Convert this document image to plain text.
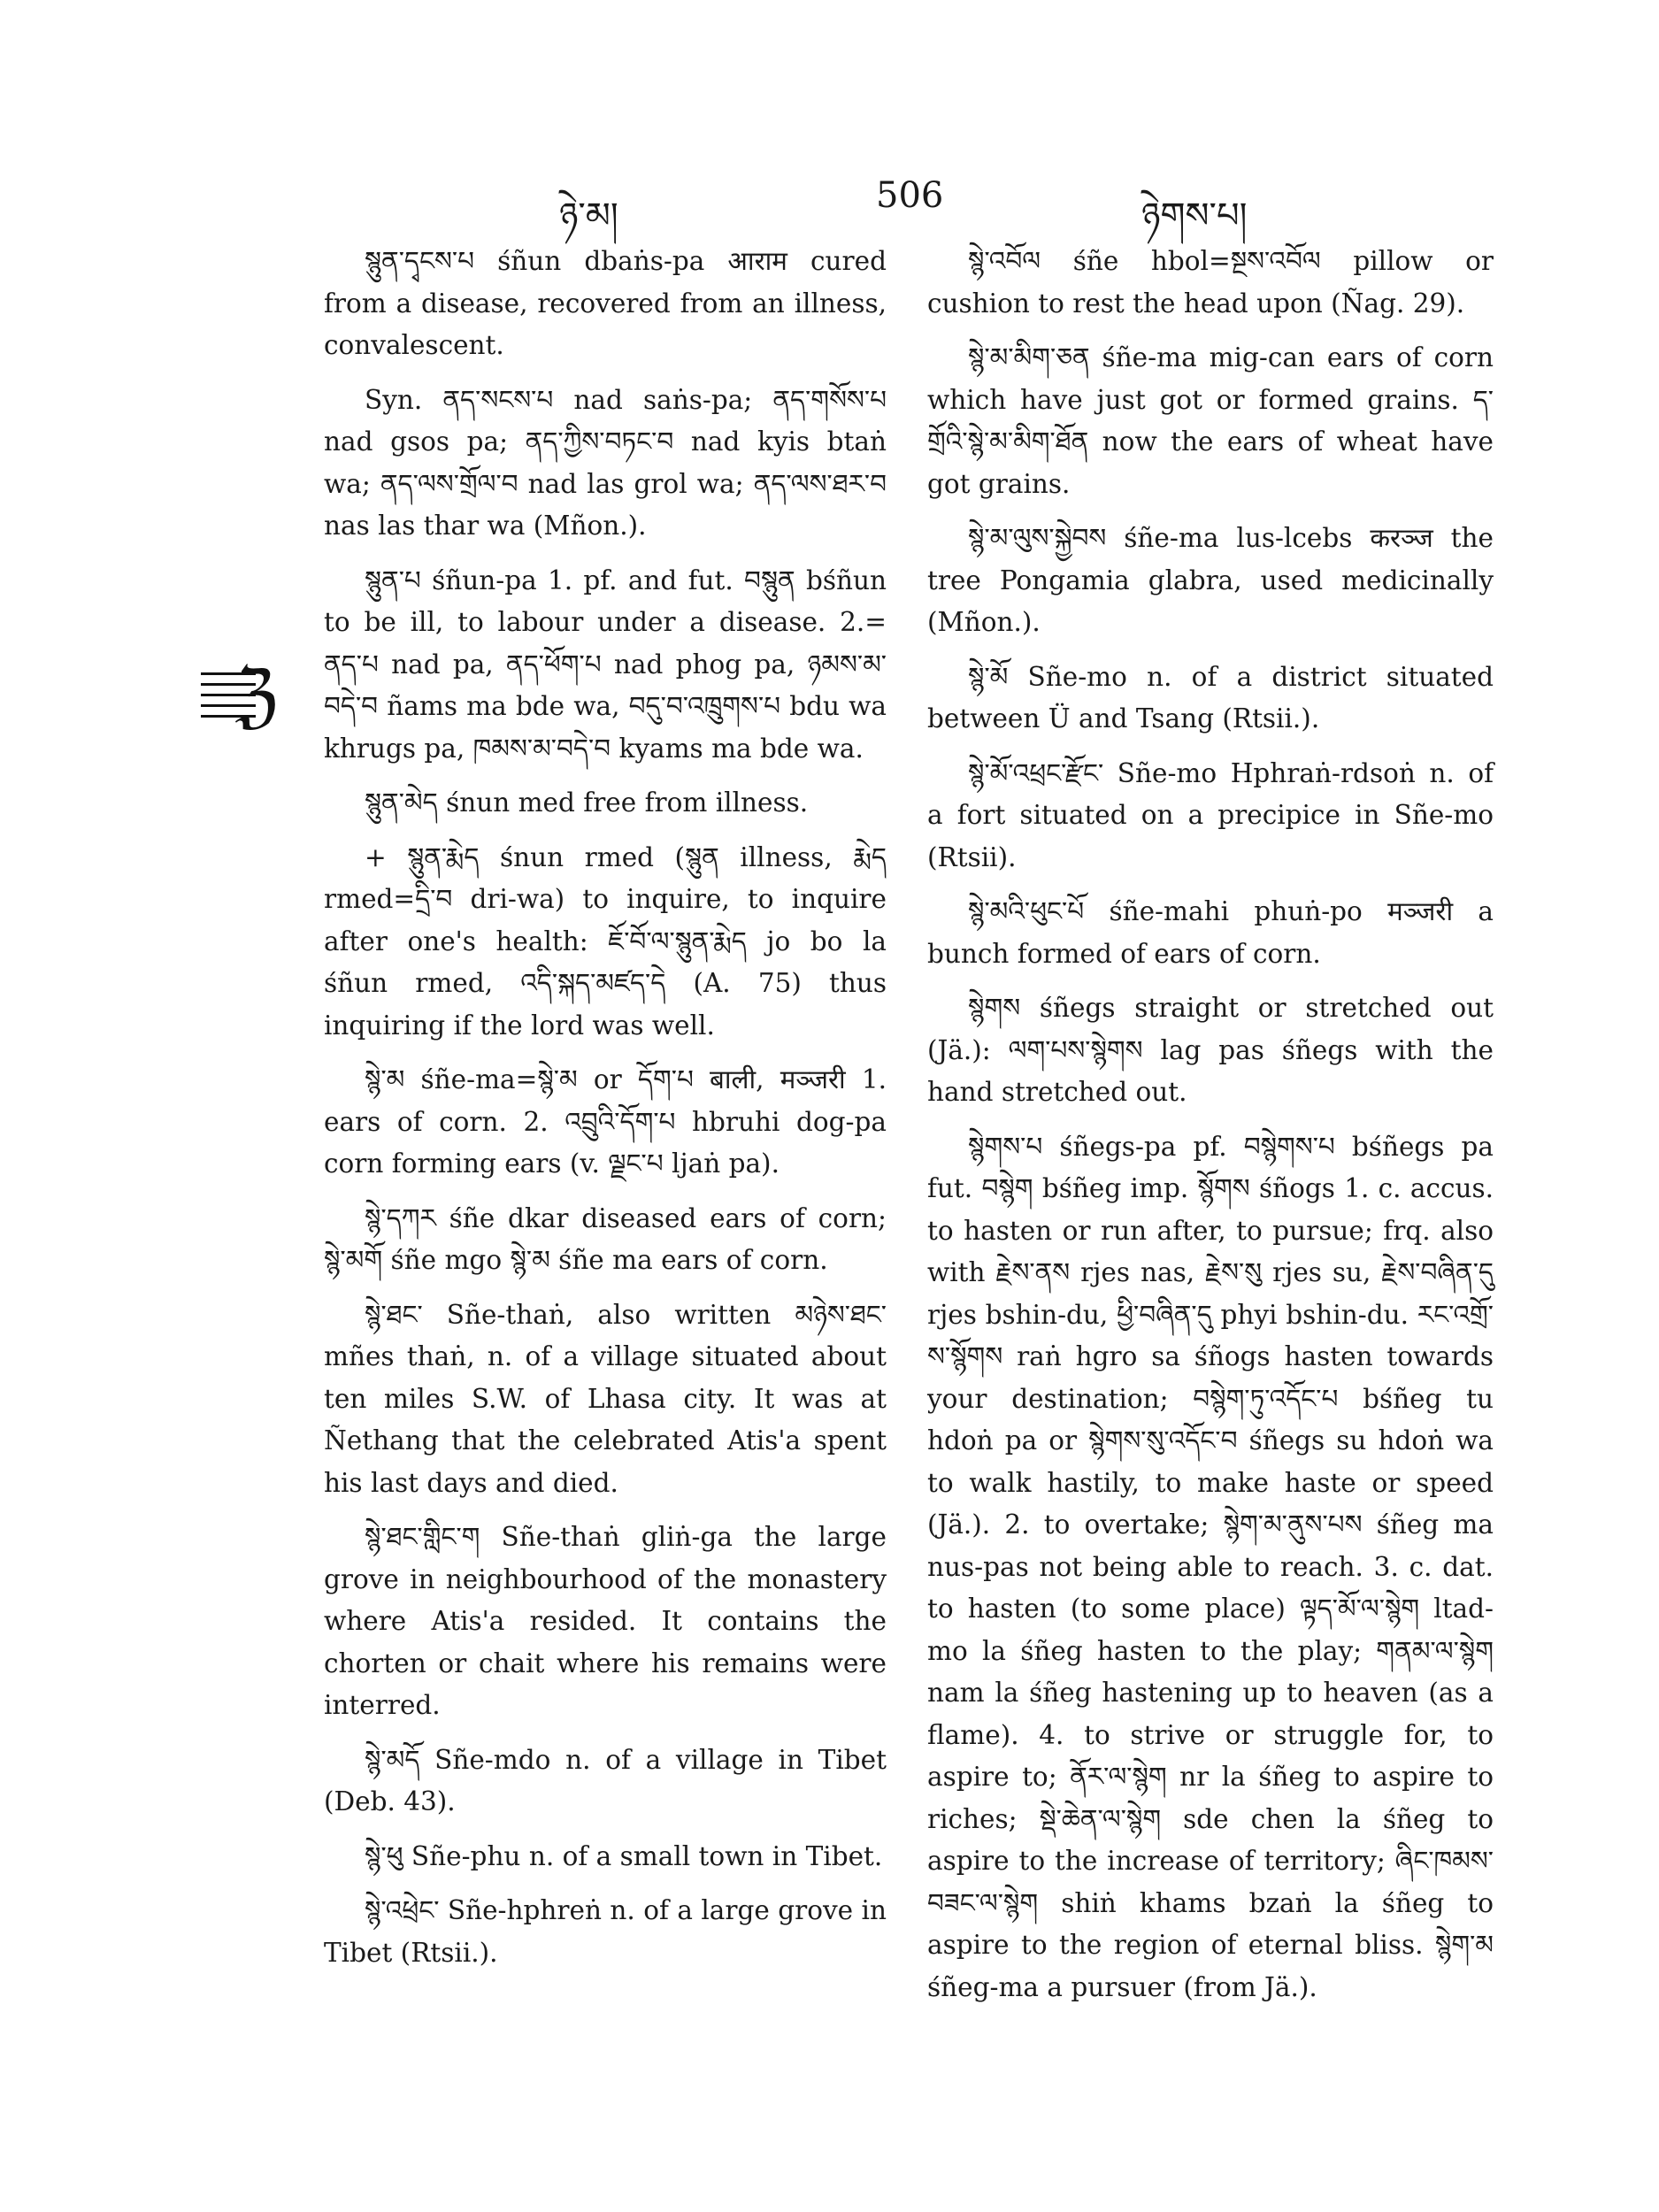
ཉེ་མ།	506	ཉེགས་པ།
ℨ

སྙུན་དྭངས་པ śñun dbaṅs-pa आराम cured from a disease, recovered from an illness, convalescent.

Syn. ནད་སངས་པ nad saṅs-pa; ནད་གསོས་པ nad gsos pa; ནད་ཀྱིས་བཏང་བ nad kyis btaṅ wa; ནད་ལས་གྲོལ་བ nad las grol wa; ནད་ལས་ཐར་བ nas las thar wa (Mñon.).

སྙུན་པ śñun-pa 1. pf. and fut. བསྙུན bśñun to be ill, to labour under a disease. 2.= ནད་པ nad pa, ནད་ཕོག་པ nad phog pa, ཉམས་མ་བདེ་བ ñams ma bde wa, བདུ་བ་འཁྲུགས་པ bdu wa khrugs pa, ཁམས་མ་བདེ་བ kyams ma bde wa.

སྙུན་མེད śnun med free from illness.

+ སྙུན་རྨེད śnun rmed (སྙུན illness, རྨེད rmed=དྲི་བ dri-wa) to inquire, to inquire after one's health: ཇོ་བོ་ལ་སྙུན་རྨེད jo bo la śñun rmed, འདི་སྐད་མཛད་དེ (A. 75) thus inquiring if the lord was well.

སྙེ་མ śñe-ma=སྙེ་མ or དོག་པ बाली, मञ्जरी 1. ears of corn. 2. འབྲུའི་དོག་པ hbruhi dog-pa corn forming ears (v. ལྗང་པ ljaṅ pa).

སྙེ་དཀར śñe dkar diseased ears of corn; སྙེ་མགོ śñe mgo སྙེ་མ śñe ma ears of corn.

སྙེ་ཐང་ Sñe-thaṅ, also written མཉེས་ཐང་ mñes thaṅ, n. of a village situated about ten miles S.W. of Lhasa city. It was at Ñethang that the celebrated Atis'a spent his last days and died.

སྙེ་ཐང་གླིང་ག Sñe-thaṅ gliṅ-ga the large grove in neighbourhood of the monastery where Atis'a resided. It contains the chorten or chait where his remains were interred.

སྙེ་མདོ Sñe-mdo n. of a village in Tibet (Deb. 43).

སྙེ་ཕུ Sñe-phu n. of a small town in Tibet.

སྙེ་འཕྲེང་ Sñe-hphreṅ n. of a large grove in Tibet (Rtsii.).

སྙེ་འབོལ śñe hbol=སྔས་འབོལ pillow or cushion to rest the head upon (Ñag. 29).

སྙེ་མ་མིག་ཅན śñe-ma mig-can ears of corn which have just got or formed grains. ད་གྲོའི་སྙེ་མ་མིག་ཐོན now the ears of wheat have got grains.

སྙེ་མ་ལུས་སྐྱེབས śñe-ma lus-lcebs करञ्ज the tree Pongamia glabra, used medicinally (Mñon.).

སྙེ་མོ Sñe-mo n. of a district situated between Ü and Tsang (Rtsii.).

སྙེ་མོ་འཕྲང་རྫོང་ Sñe-mo Hphraṅ-rdsoṅ n. of a fort situated on a precipice in Sñe-mo (Rtsii).

སྙེ་མའི་ཕུང་པོ śñe-mahi phuṅ-po मञ्जरी a bunch formed of ears of corn.

སྙེགས śñegs straight or stretched out (Jä.): ལག་པས་སྙེགས lag pas śñegs with the hand stretched out.

སྙེགས་པ śñegs-pa pf. བསྙེགས་པ bśñegs pa fut. བསྙེག bśñeg imp. སྙོགས śñogs 1. c. accus. to hasten or run after, to pursue; frq. also with རྗེས་ནས rjes nas, རྗེས་སུ rjes su, རྗེས་བཞིན་དུ rjes bshin-du, ཕྱི་བཞིན་དུ phyi bshin-du. རང་འགྲོ་ས་སྙོགས raṅ hgro sa śñogs hasten towards your destination; བསྙེག་ཏུ་འདོང་པ bśñeg tu hdoṅ pa or སྙེགས་སུ་འདོང་བ śñegs su hdoṅ wa to walk hastily, to make haste or speed (Jä.). 2. to overtake; སྙེག་མ་ནུས་པས śñeg ma nus-pas not being able to reach. 3. c. dat. to hasten (to some place) ལྟད་མོ་ལ་སྙེག ltad-mo la śñeg hasten to the play; གནམ་ལ་སྙེག nam la śñeg hastening up to heaven (as a flame). 4. to strive or struggle for, to aspire to; ནོར་ལ་སྙེག nr la śñeg to aspire to riches; སྡེ་ཆེན་ལ་སྙེག sde chen la śñeg to aspire to the increase of territory; ཞིང་ཁམས་བཟང་ལ་སྙེག shiṅ khams bzaṅ la śñeg to aspire to the region of eternal bliss. སྙེག་མ śñeg-ma a pursuer (from Jä.).
